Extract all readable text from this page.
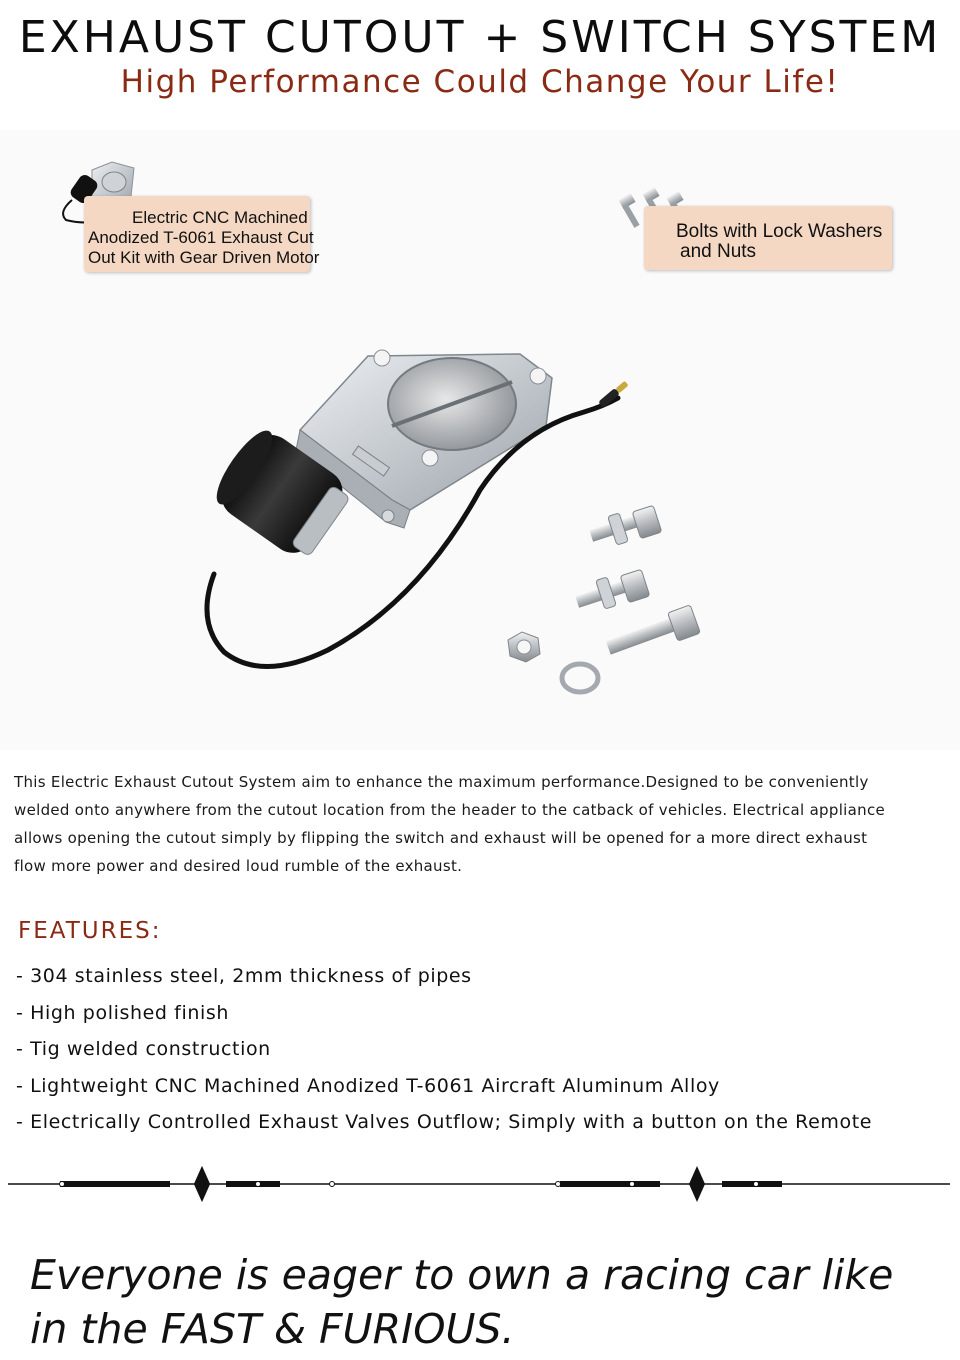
EXHAUST CUTOUT + SWITCH SYSTEM
High Performance Could Change Your Life!
Electric CNC Machined
Anodized T-6061 Exhaust Cut
Out Kit with Gear Driven Motor
Bolts with Lock Washers
and Nuts
This Electric Exhaust Cutout System aim to enhance the maximum performance.Designed to be conveniently
welded onto anywhere from the cutout location from the header to the catback of vehicles. Electrical appliance
allows opening the cutout simply by flipping the switch and exhaust will be opened for a more direct exhaust
flow more power and desired loud rumble of the exhaust.
FEATURES:
- 304 stainless steel, 2mm thickness of pipes
- High polished finish
- Tig welded construction
- Lightweight CNC Machined Anodized T-6061 Aircraft Aluminum Alloy
- Electrically Controlled Exhaust Valves Outflow; Simply with a button on the Remote
Everyone is eager to own a racing car like
in the FAST & FURIOUS.
